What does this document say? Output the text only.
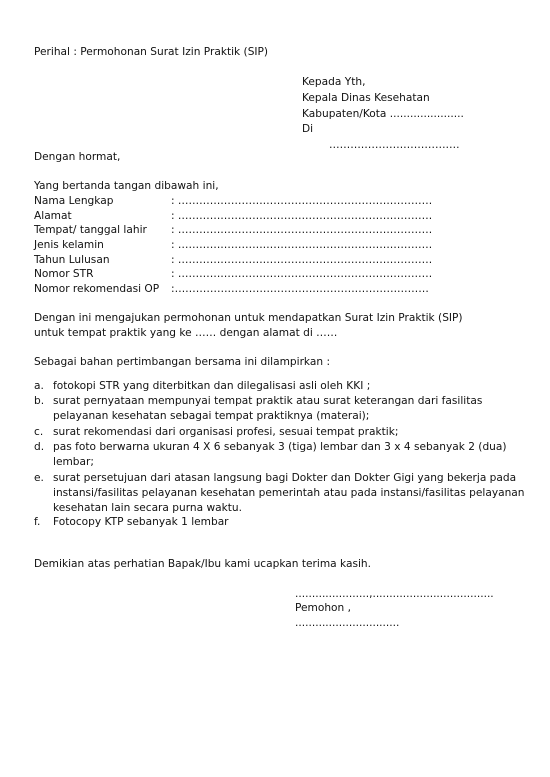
Perihal : Permohonan Surat Izin Praktik (SIP)
Kepada Yth,
Kepala Dinas Kesehatan
Kabupaten/Kota ......................
Di
……………………………….
Dengan hormat,
Yang bertanda tangan dibawah ini,
Nama Lengkap	: ………………………………………………………………
Alamat	: ………………………………………………………………
Tempat/ tanggal lahir : ………………………………………………………………
Jenis kelamin	: ………………………………………………………………
Tahun Lulusan	: ………………………………………………………………
Nomor STR	: ………………………………………………………………
Nomor rekomendasi OP :………………………………………………………………
Dengan ini mengajukan permohonan untuk mendapatkan Surat Izin Praktik (SIP)
untuk tempat praktik yang ke …… dengan alamat di ……
Sebagai bahan pertimbangan bersama ini dilampirkan :
a. fotokopi STR yang diterbitkan dan dilegalisasi asli oleh KKI ;
b. surat pernyataan mempunyai tempat praktik atau surat keterangan dari fasilitas pelayanan kesehatan sebagai tempat praktiknya (materai);
c. surat rekomendasi dari organisasi profesi, sesuai tempat praktik;
d. pas foto berwarna ukuran 4 X 6 sebanyak 3 (tiga) lembar dan 3 x 4 sebanyak 2 (dua) lembar;
e. surat persetujuan dari atasan langsung bagi Dokter dan Dokter Gigi yang bekerja pada instansi/fasilitas pelayanan kesehatan pemerintah atau pada instansi/fasilitas pelayanan kesehatan lain secara purna waktu.
f. Fotocopy KTP sebanyak 1 lembar
Demikian atas perhatian Bapak/Ibu kami ucapkan terima kasih.
......................,....................................
Pemohon ,
...............................
